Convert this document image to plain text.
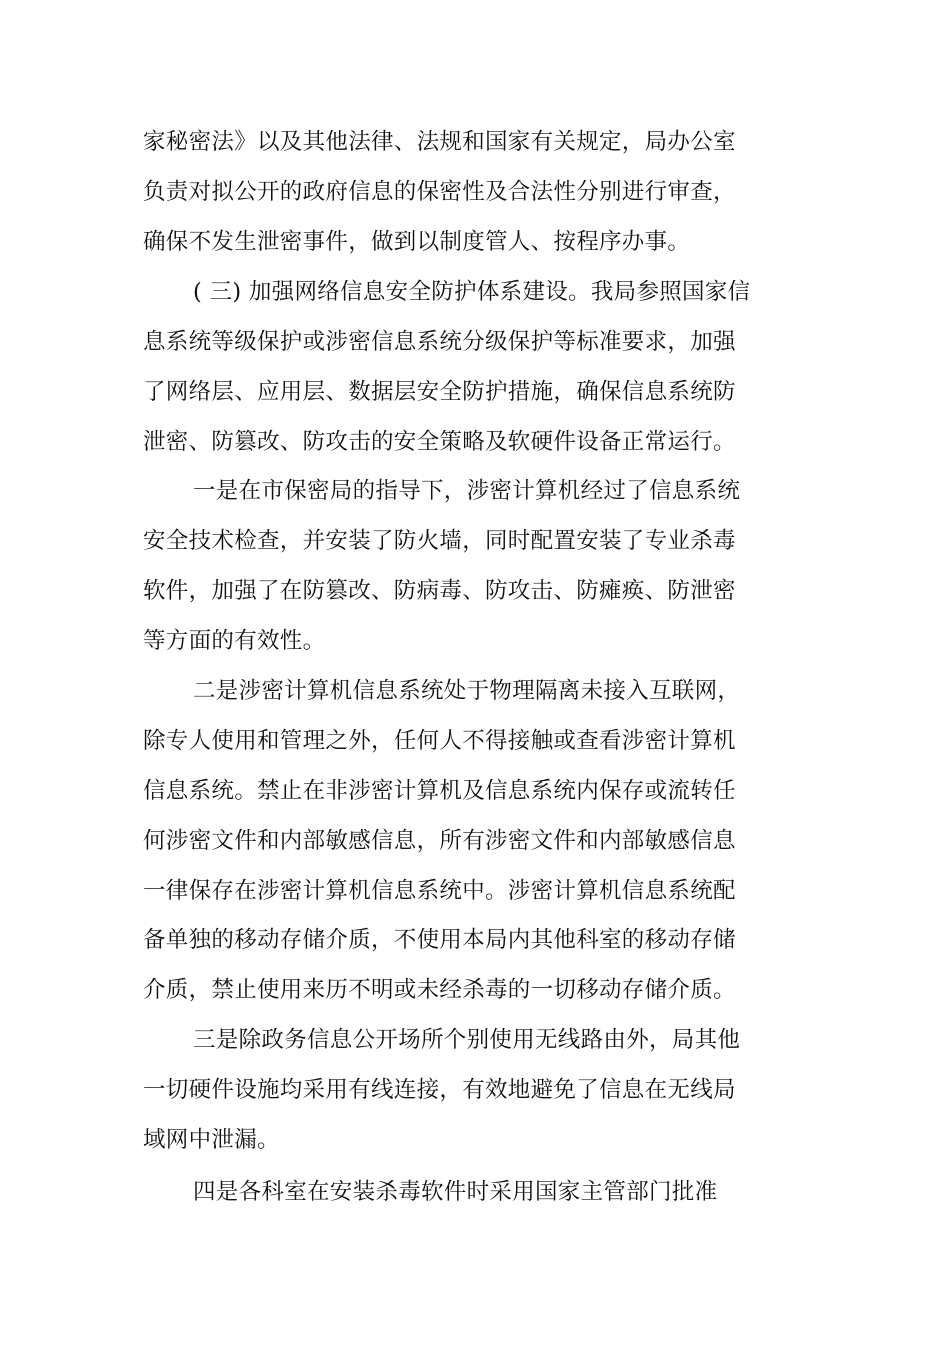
家秘密法》以及其他法律、法规和国家有关规定，局办公室
负责对拟公开的政府信息的保密性及合法性分别进行审查，
确保不发生泄密事件，做到以制度管人、按程序办事。
( 三) 加强网络信息安全防护体系建设。我局参照国家信
息系统等级保护或涉密信息系统分级保护等标准要求，加强
了网络层、应用层、数据层安全防护措施，确保信息系统防
泄密、防篡改、防攻击的安全策略及软硬件设备正常运行。
一是在市保密局的指导下，涉密计算机经过了信息系统
安全技术检查，并安装了防火墙，同时配置安装了专业杀毒
软件，加强了在防篡改、防病毒、防攻击、防瘫痪、防泄密
等方面的有效性。
二是涉密计算机信息系统处于物理隔离未接入互联网，
除专人使用和管理之外，任何人不得接触或查看涉密计算机
信息系统。禁止在非涉密计算机及信息系统内保存或流转任
何涉密文件和内部敏感信息，所有涉密文件和内部敏感信息
一律保存在涉密计算机信息系统中。涉密计算机信息系统配
备单独的移动存储介质，不使用本局内其他科室的移动存储
介质，禁止使用来历不明或未经杀毒的一切移动存储介质。
三是除政务信息公开场所个别使用无线路由外，局其他
一切硬件设施均采用有线连接，有效地避免了信息在无线局
域网中泄漏。
四是各科室在安装杀毒软件时采用国家主管部门批准
